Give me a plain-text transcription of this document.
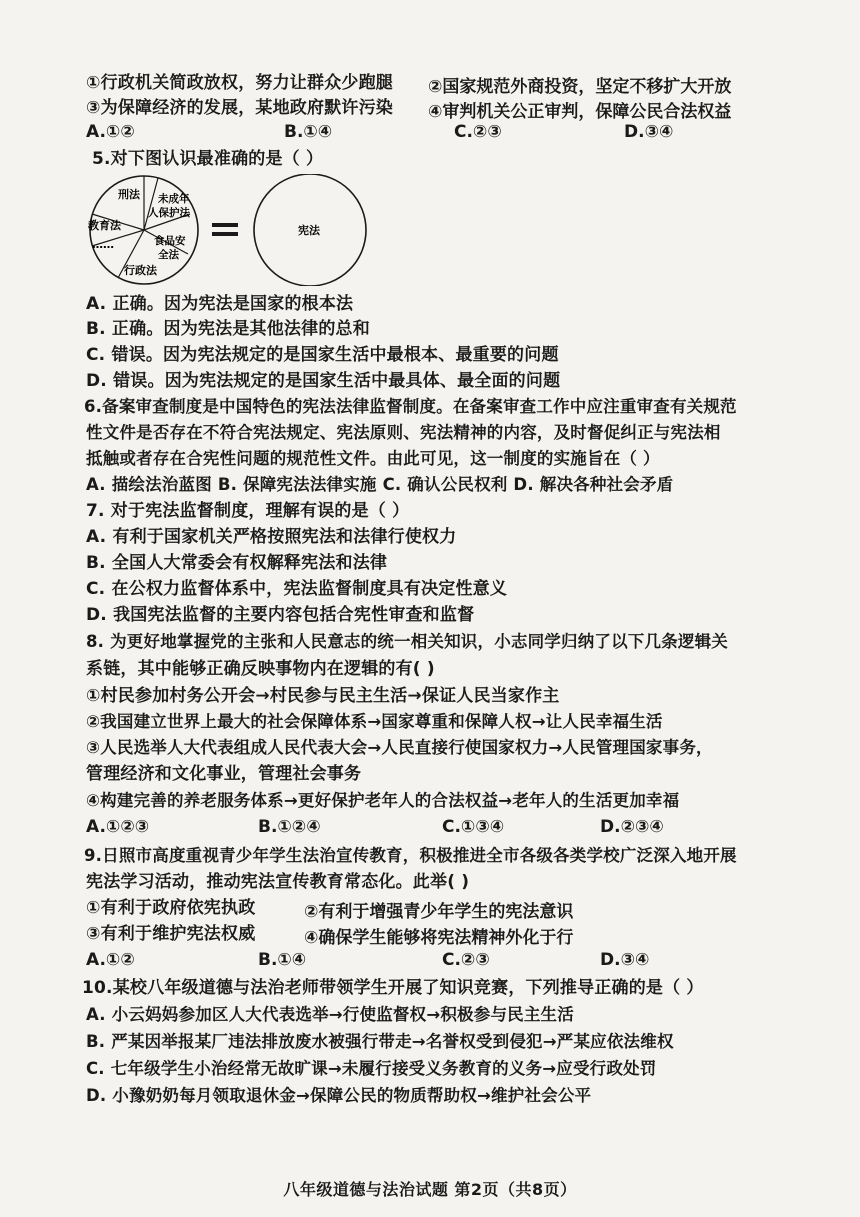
①行政机关简政放权，努力让群众少跑腿 ②国家规范外商投资，坚定不移扩大开放
③为保障经济的发展，某地政府默许污染 ④审判机关公正审判，保障公民合法权益
A.①②	B.①④	C.②③	D.③④
5.对下图认识最准确的是（ ）
刑法 未成年
人保护法
教育法
……	食品安
全法
行政法
宪法
A. 正确。因为宪法是国家的根本法
B. 正确。因为宪法是其他法律的总和
C. 错误。因为宪法规定的是国家生活中最根本、最重要的问题
D. 错误。因为宪法规定的是国家生活中最具体、最全面的问题
6.备案审查制度是中国特色的宪法法律监督制度。在备案审查工作中应注重审查有关规范
性文件是否存在不符合宪法规定、宪法原则、宪法精神的内容，及时督促纠正与宪法相
抵触或者存在合宪性问题的规范性文件。由此可见，这一制度的实施旨在（ ）
A. 描绘法治蓝图 B. 保障宪法法律实施 C. 确认公民权利 D. 解决各种社会矛盾
7. 对于宪法监督制度，理解有误的是（ ）
A. 有利于国家机关严格按照宪法和法律行使权力
B. 全国人大常委会有权解释宪法和法律
C. 在公权力监督体系中，宪法监督制度具有决定性意义
D. 我国宪法监督的主要内容包括合宪性审查和监督
8. 为更好地掌握党的主张和人民意志的统一相关知识，小志同学归纳了以下几条逻辑关
系链，其中能够正确反映事物内在逻辑的有( )
①村民参加村务公开会→村民参与民主生活→保证人民当家作主
②我国建立世界上最大的社会保障体系→国家尊重和保障人权→让人民幸福生活
③人民选举人大代表组成人民代表大会→人民直接行使国家权力→人民管理国家事务，
管理经济和文化事业，管理社会事务
④构建完善的养老服务体系→更好保护老年人的合法权益→老年人的生活更加幸福
A.①②③	B.①②④	C.①③④	D.②③④
9.日照市高度重视青少年学生法治宣传教育，积极推进全市各级各类学校广泛深入地开展
宪法学习活动，推动宪法宣传教育常态化。此举( )
①有利于政府依宪执政	②有利于增强青少年学生的宪法意识
③有利于维护宪法权威	④确保学生能够将宪法精神外化于行
A.①②	B.①④	C.②③	D.③④
10.某校八年级道德与法治老师带领学生开展了知识竞赛，下列推导正确的是（ ）
A. 小云妈妈参加区人大代表选举→行使监督权→积极参与民主生活
B. 严某因举报某厂违法排放废水被强行带走→名誉权受到侵犯→严某应依法维权
C. 七年级学生小治经常无故旷课→未履行接受义务教育的义务→应受行政处罚
D. 小豫奶奶每月领取退休金→保障公民的物质帮助权→维护社会公平
八年级道德与法治试题 第2页（共8页）
